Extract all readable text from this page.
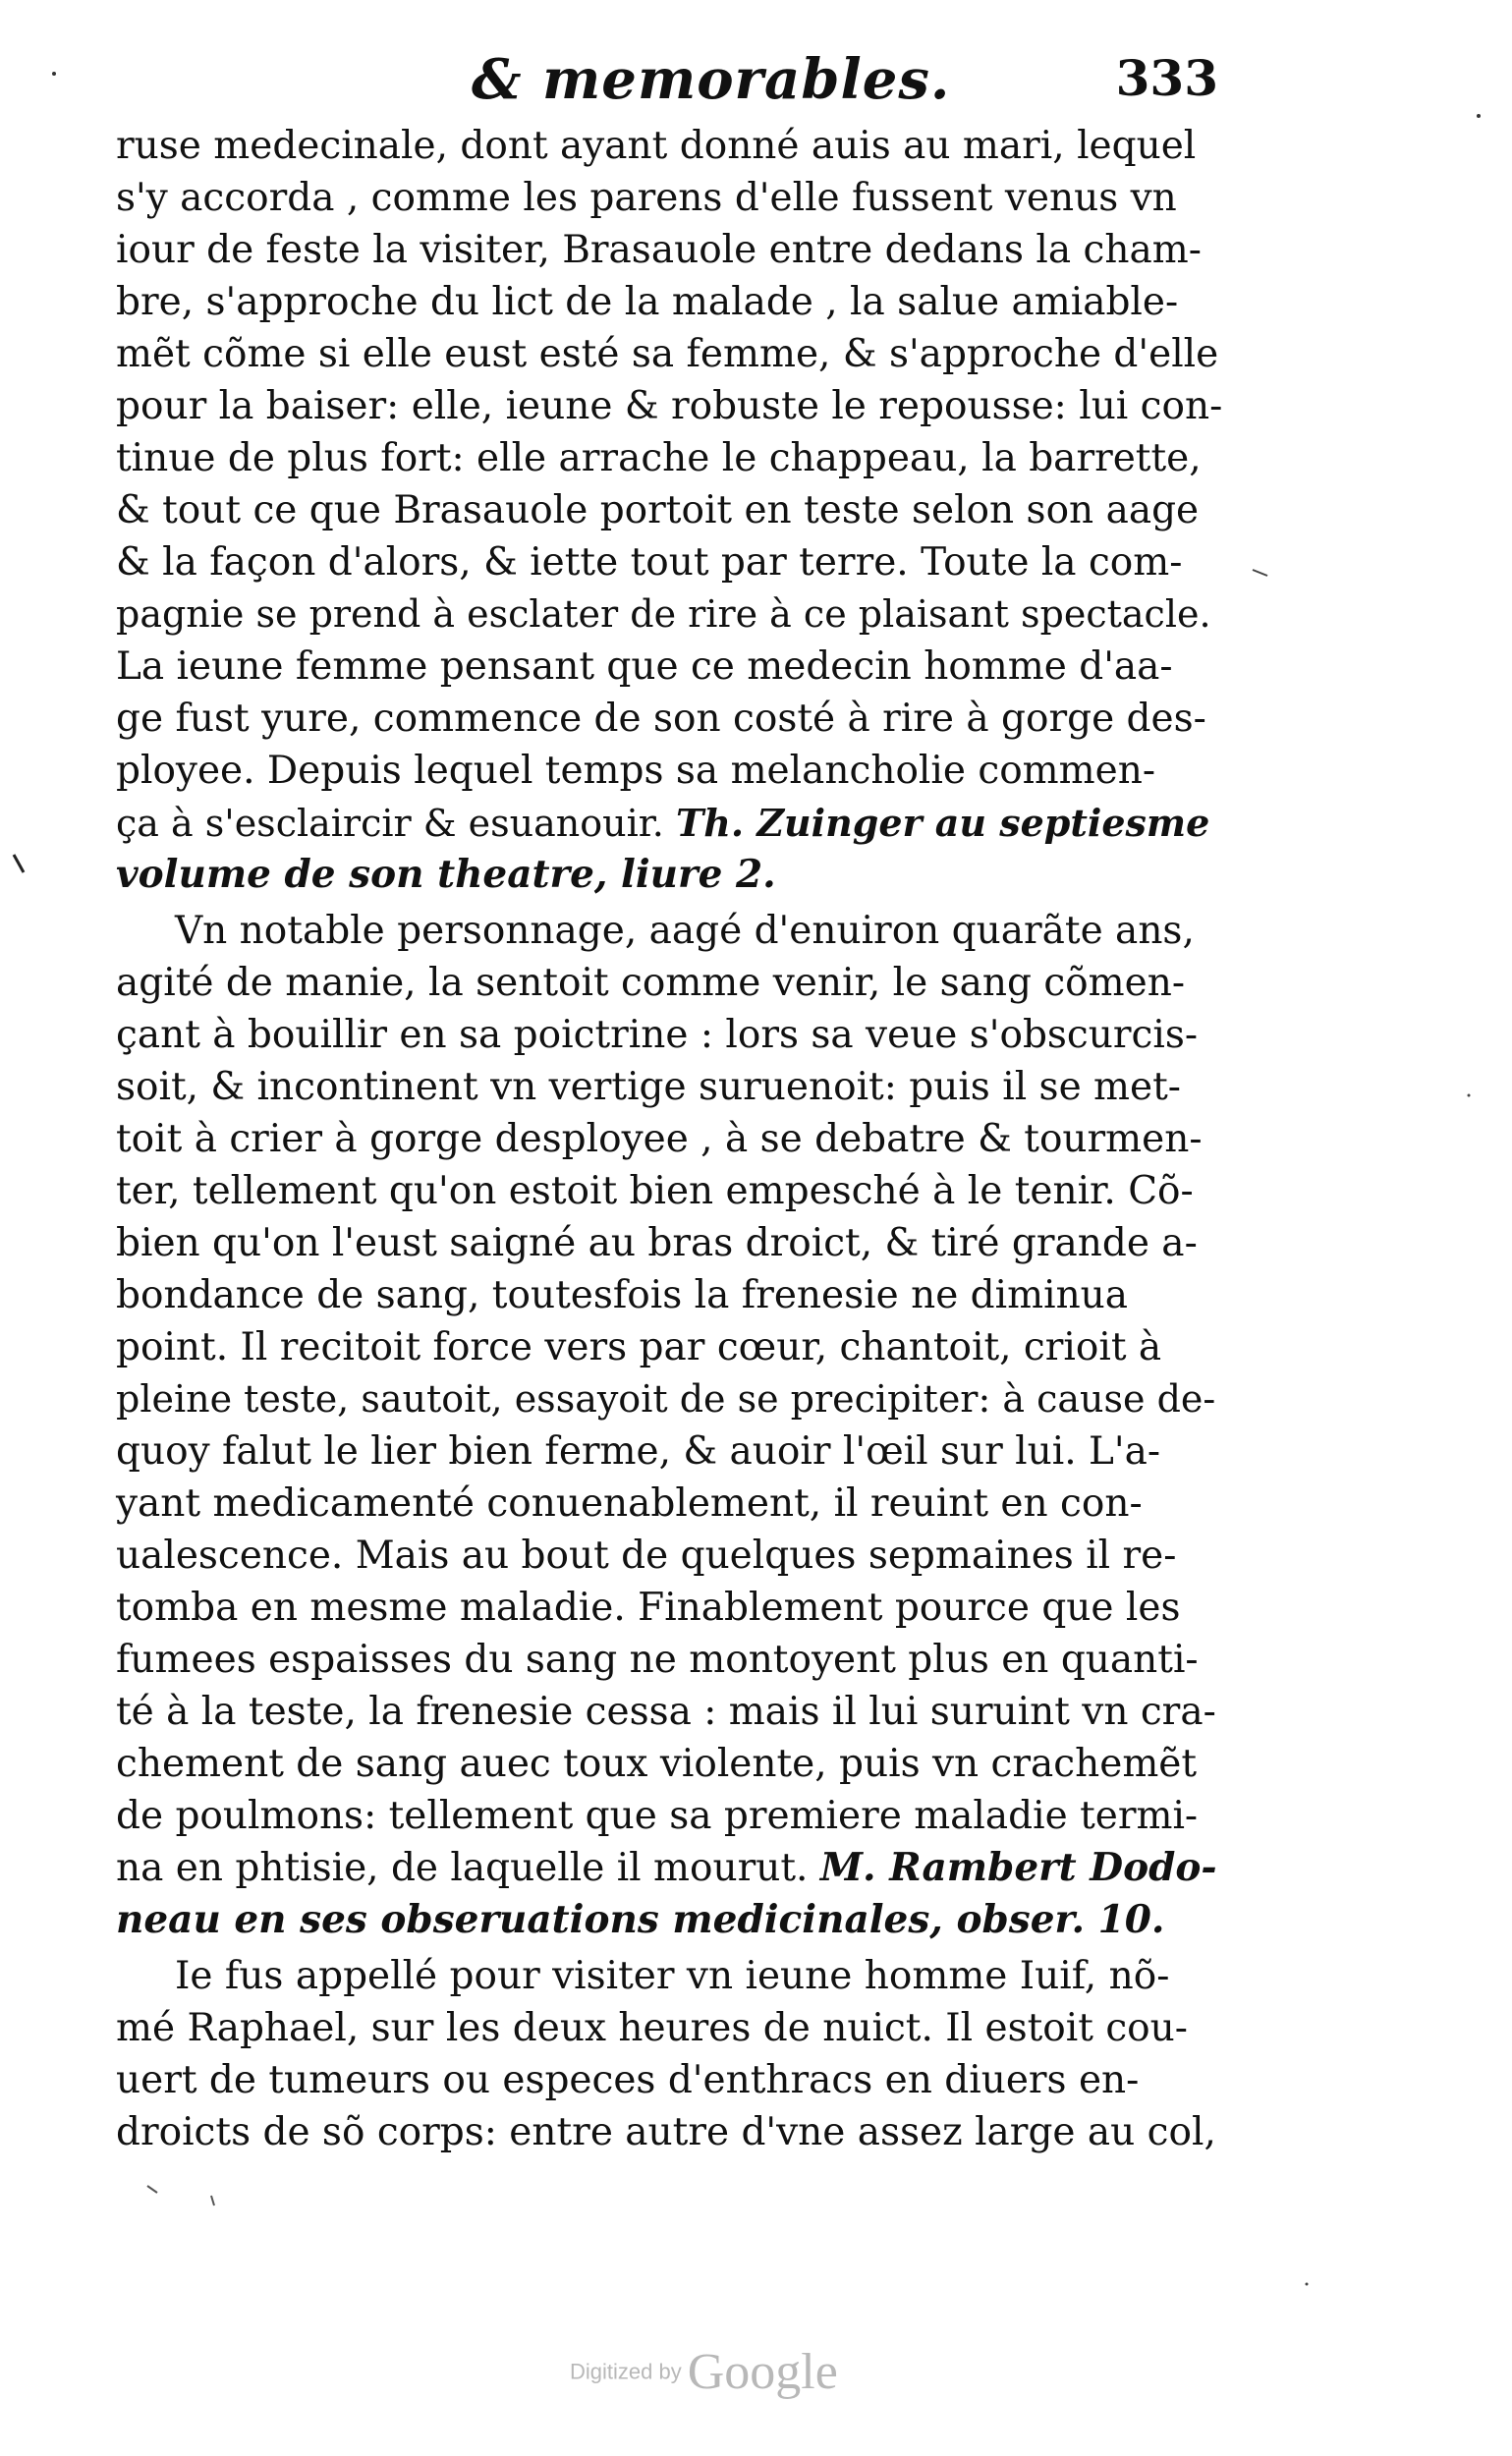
& memorables.	333
ruse medecinale, dont ayant donné auis au mari, lequel
s'y accorda , comme les parens d'elle fussent venus vn
iour de feste la visiter, Brasauole entre dedans la cham-
bre, s'approche du lict de la malade , la salue amiable-
mẽt cõme si elle eust esté sa femme, & s'approche d'elle
pour la baiser: elle, ieune & robuste le repousse: lui con-
tinue de plus fort: elle arrache le chappeau, la barrette,
& tout ce que Brasauole portoit en teste selon son aage
& la façon d'alors, & iette tout par terre. Toute la com-
pagnie se prend à esclater de rire à ce plaisant spectacle.
La ieune femme pensant que ce medecin homme d'aa-
ge fust yure, commence de son costé à rire à gorge des-
ployee. Depuis lequel temps sa melancholie commen-
ça à s'esclaircir & esuanouir. Th. Zuinger au septiesme
volume de son theatre, liure 2.
Vn notable personnage, aagé d'enuiron quarãte ans,
agité de manie, la sentoit comme venir, le sang cõmen-
çant à bouillir en sa poictrine : lors sa veue s'obscurcis-
soit, & incontinent vn vertige suruenoit: puis il se met-
toit à crier à gorge desployee , à se debatre & tourmen-
ter, tellement qu'on estoit bien empesché à le tenir. Cõ-
bien qu'on l'eust saigné au bras droict, & tiré grande a-
bondance de sang, toutesfois la frenesie ne diminua
point. Il recitoit force vers par cœur, chantoit, crioit à
pleine teste, sautoit, essayoit de se precipiter: à cause de-
quoy falut le lier bien ferme, & auoir l'œil sur lui. L'a-
yant medicamenté conuenablement, il reuint en con-
ualescence. Mais au bout de quelques sepmaines il re-
tomba en mesme maladie. Finablement pource que les
fumees espaisses du sang ne montoyent plus en quanti-
té à la teste, la frenesie cessa : mais il lui suruint vn cra-
chement de sang auec toux violente, puis vn crachemẽt
de poulmons: tellement que sa premiere maladie termi-
na en phtisie, de laquelle il mourut. M. Rambert Dodo-
neau en ses obseruations medicinales, obser. 10.
Ie fus appellé pour visiter vn ieune homme Iuif, nõ-
mé Raphael, sur les deux heures de nuict. Il estoit cou-
uert de tumeurs ou especes d'enthracs en diuers en-
droicts de sõ corps: entre autre d'vne assez large au col,
Digitized by Google
